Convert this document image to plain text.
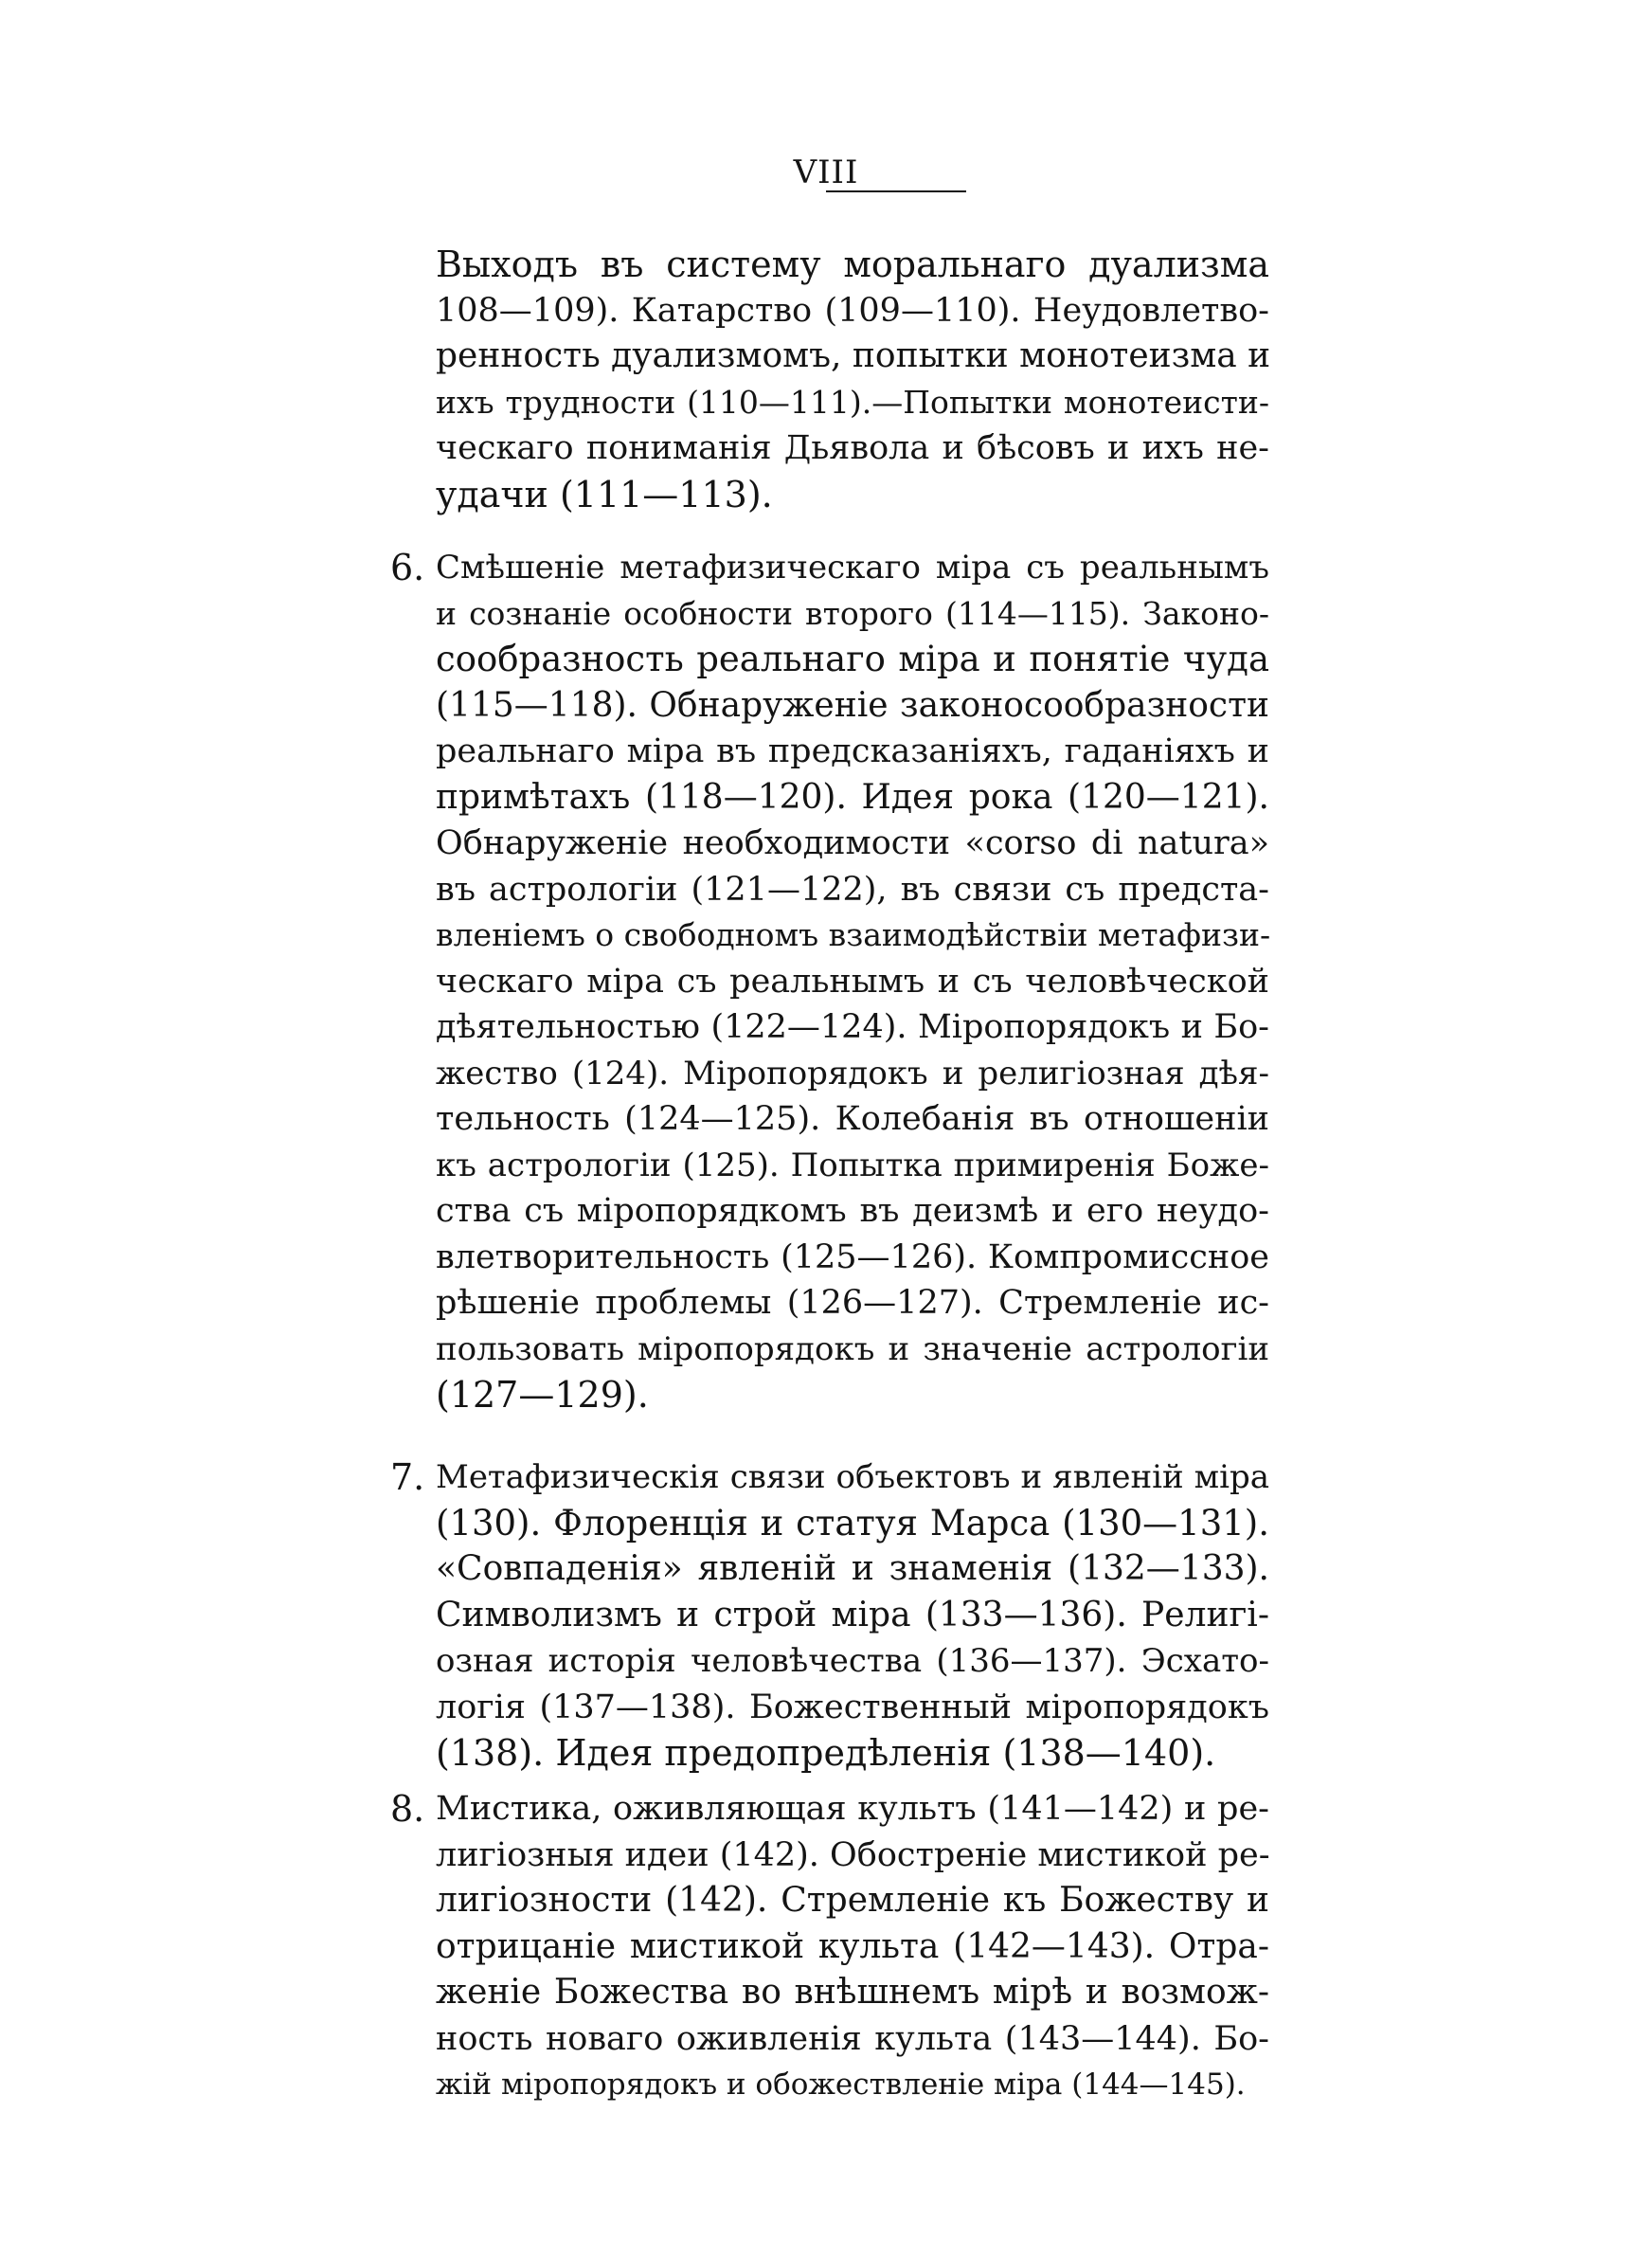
VIII
Выходъ въ систему моральнаго дуализма
108—109). Катарство (109—110). Неудовлетво-
ренность дуализмомъ, попытки монотеизма и
ихъ трудности (110—111).—Попытки монотеисти-
ческаго пониманія Дьявола и бѣсовъ и ихъ не-
удачи (111—113).
6. Смѣшеніе метафизическаго міра съ реальнымъ
и сознаніе особности второго (114—115). Законо-
сообразность реальнаго міра и понятіе чуда
(115—118). Обнаруженіе законосообразности
реальнаго міра въ предсказаніяхъ, гаданіяхъ и
примѣтахъ (118—120). Идея рока (120—121).
Обнаруженіе необходимости «corso di natura»
въ астрологіи (121—122), въ связи съ предста-
вленіемъ о свободномъ взаимодѣйствіи метафизи-
ческаго міра съ реальнымъ и съ человѣческой
дѣятельностью (122—124). Міропорядокъ и Бо-
жество (124). Міропорядокъ и религіозная дѣя-
тельность (124—125). Колебанія въ отношеніи
къ астрологіи (125). Попытка примиренія Боже-
ства съ міропорядкомъ въ деизмѣ и его неудо-
влетворительность (125—126). Компромиссное
рѣшеніе проблемы (126—127). Стремленіе ис-
пользовать міропорядокъ и значеніе астрологіи
(127—129).
7. Метафизическія связи объектовъ и явленій міра
(130). Флоренція и статуя Марса (130—131).
«Совпаденія» явленій и знаменія (132—133).
Символизмъ и строй міра (133—136). Религі-
озная исторія человѣчества (136—137). Эсхато-
логія (137—138). Божественный міропорядокъ
(138). Идея предопредѣленія (138—140).
8. Мистика, оживляющая культъ (141—142) и ре-
лигіозныя идеи (142). Обостреніе мистикой ре-
лигіозности (142). Стремленіе къ Божеству и
отрицаніе мистикой культа (142—143). Отра-
женіе Божества во внѣшнемъ мірѣ и возмож-
ность новаго оживленія культа (143—144). Бо-
жій міропорядокъ и обожествленіе міра (144—145).
